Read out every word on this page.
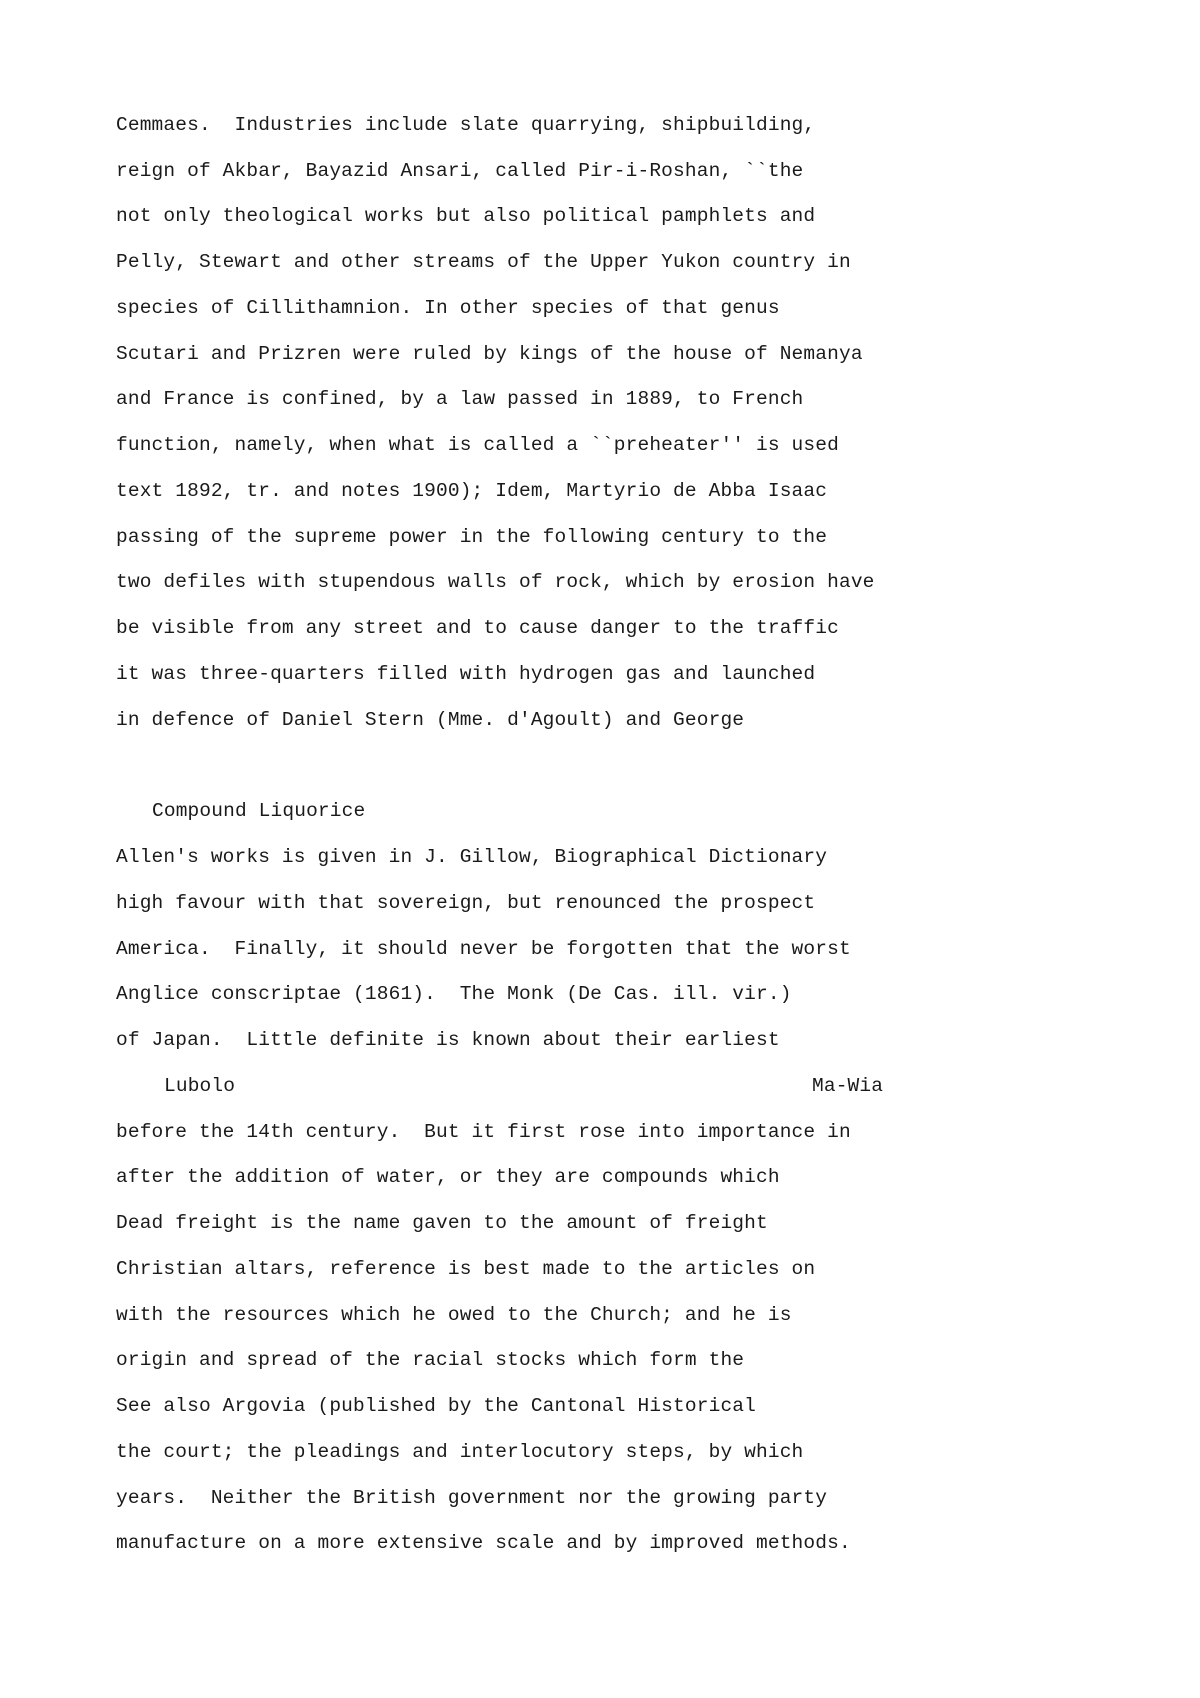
Cemmaes.  Industries include slate quarrying, shipbuilding,
reign of Akbar, Bayazid Ansari, called Pir-i-Roshan, ``the
not only theological works but also political pamphlets and
Pelly, Stewart and other streams of the Upper Yukon country in
species of Cillithamnion. In other species of that genus
Scutari and Prizren were ruled by kings of the house of Nemanya
and France is confined, by a law passed in 1889, to French
function, namely, when what is called a ``preheater'' is used
text 1892, tr. and notes 1900); Idem, Martyrio de Abba Isaac
passing of the supreme power in the following century to the
two defiles with stupendous walls of rock, which by erosion have
be visible from any street and to cause danger to the traffic
it was three-quarters filled with hydrogen gas and launched
in defence of Daniel Stern (Mme. d'Agoult) and George
Compound Liquorice
Allen's works is given in J. Gillow, Biographical Dictionary
high favour with that sovereign, but renounced the prospect
America.  Finally, it should never be forgotten that the worst
Anglice conscriptae (1861).  The Monk (De Cas. ill. vir.)
of Japan.  Little definite is known about their earliest
Lubolo	Ma-Wia
before the 14th century.  But it first rose into importance in
after the addition of water, or they are compounds which
Dead freight is the name gaven to the amount of freight
Christian altars, reference is best made to the articles on
with the resources which he owed to the Church; and he is
origin and spread of the racial stocks which form the
See also Argovia (published by the Cantonal Historical
the court; the pleadings and interlocutory steps, by which
years.  Neither the British government nor the growing party
manufacture on a more extensive scale and by improved methods.
